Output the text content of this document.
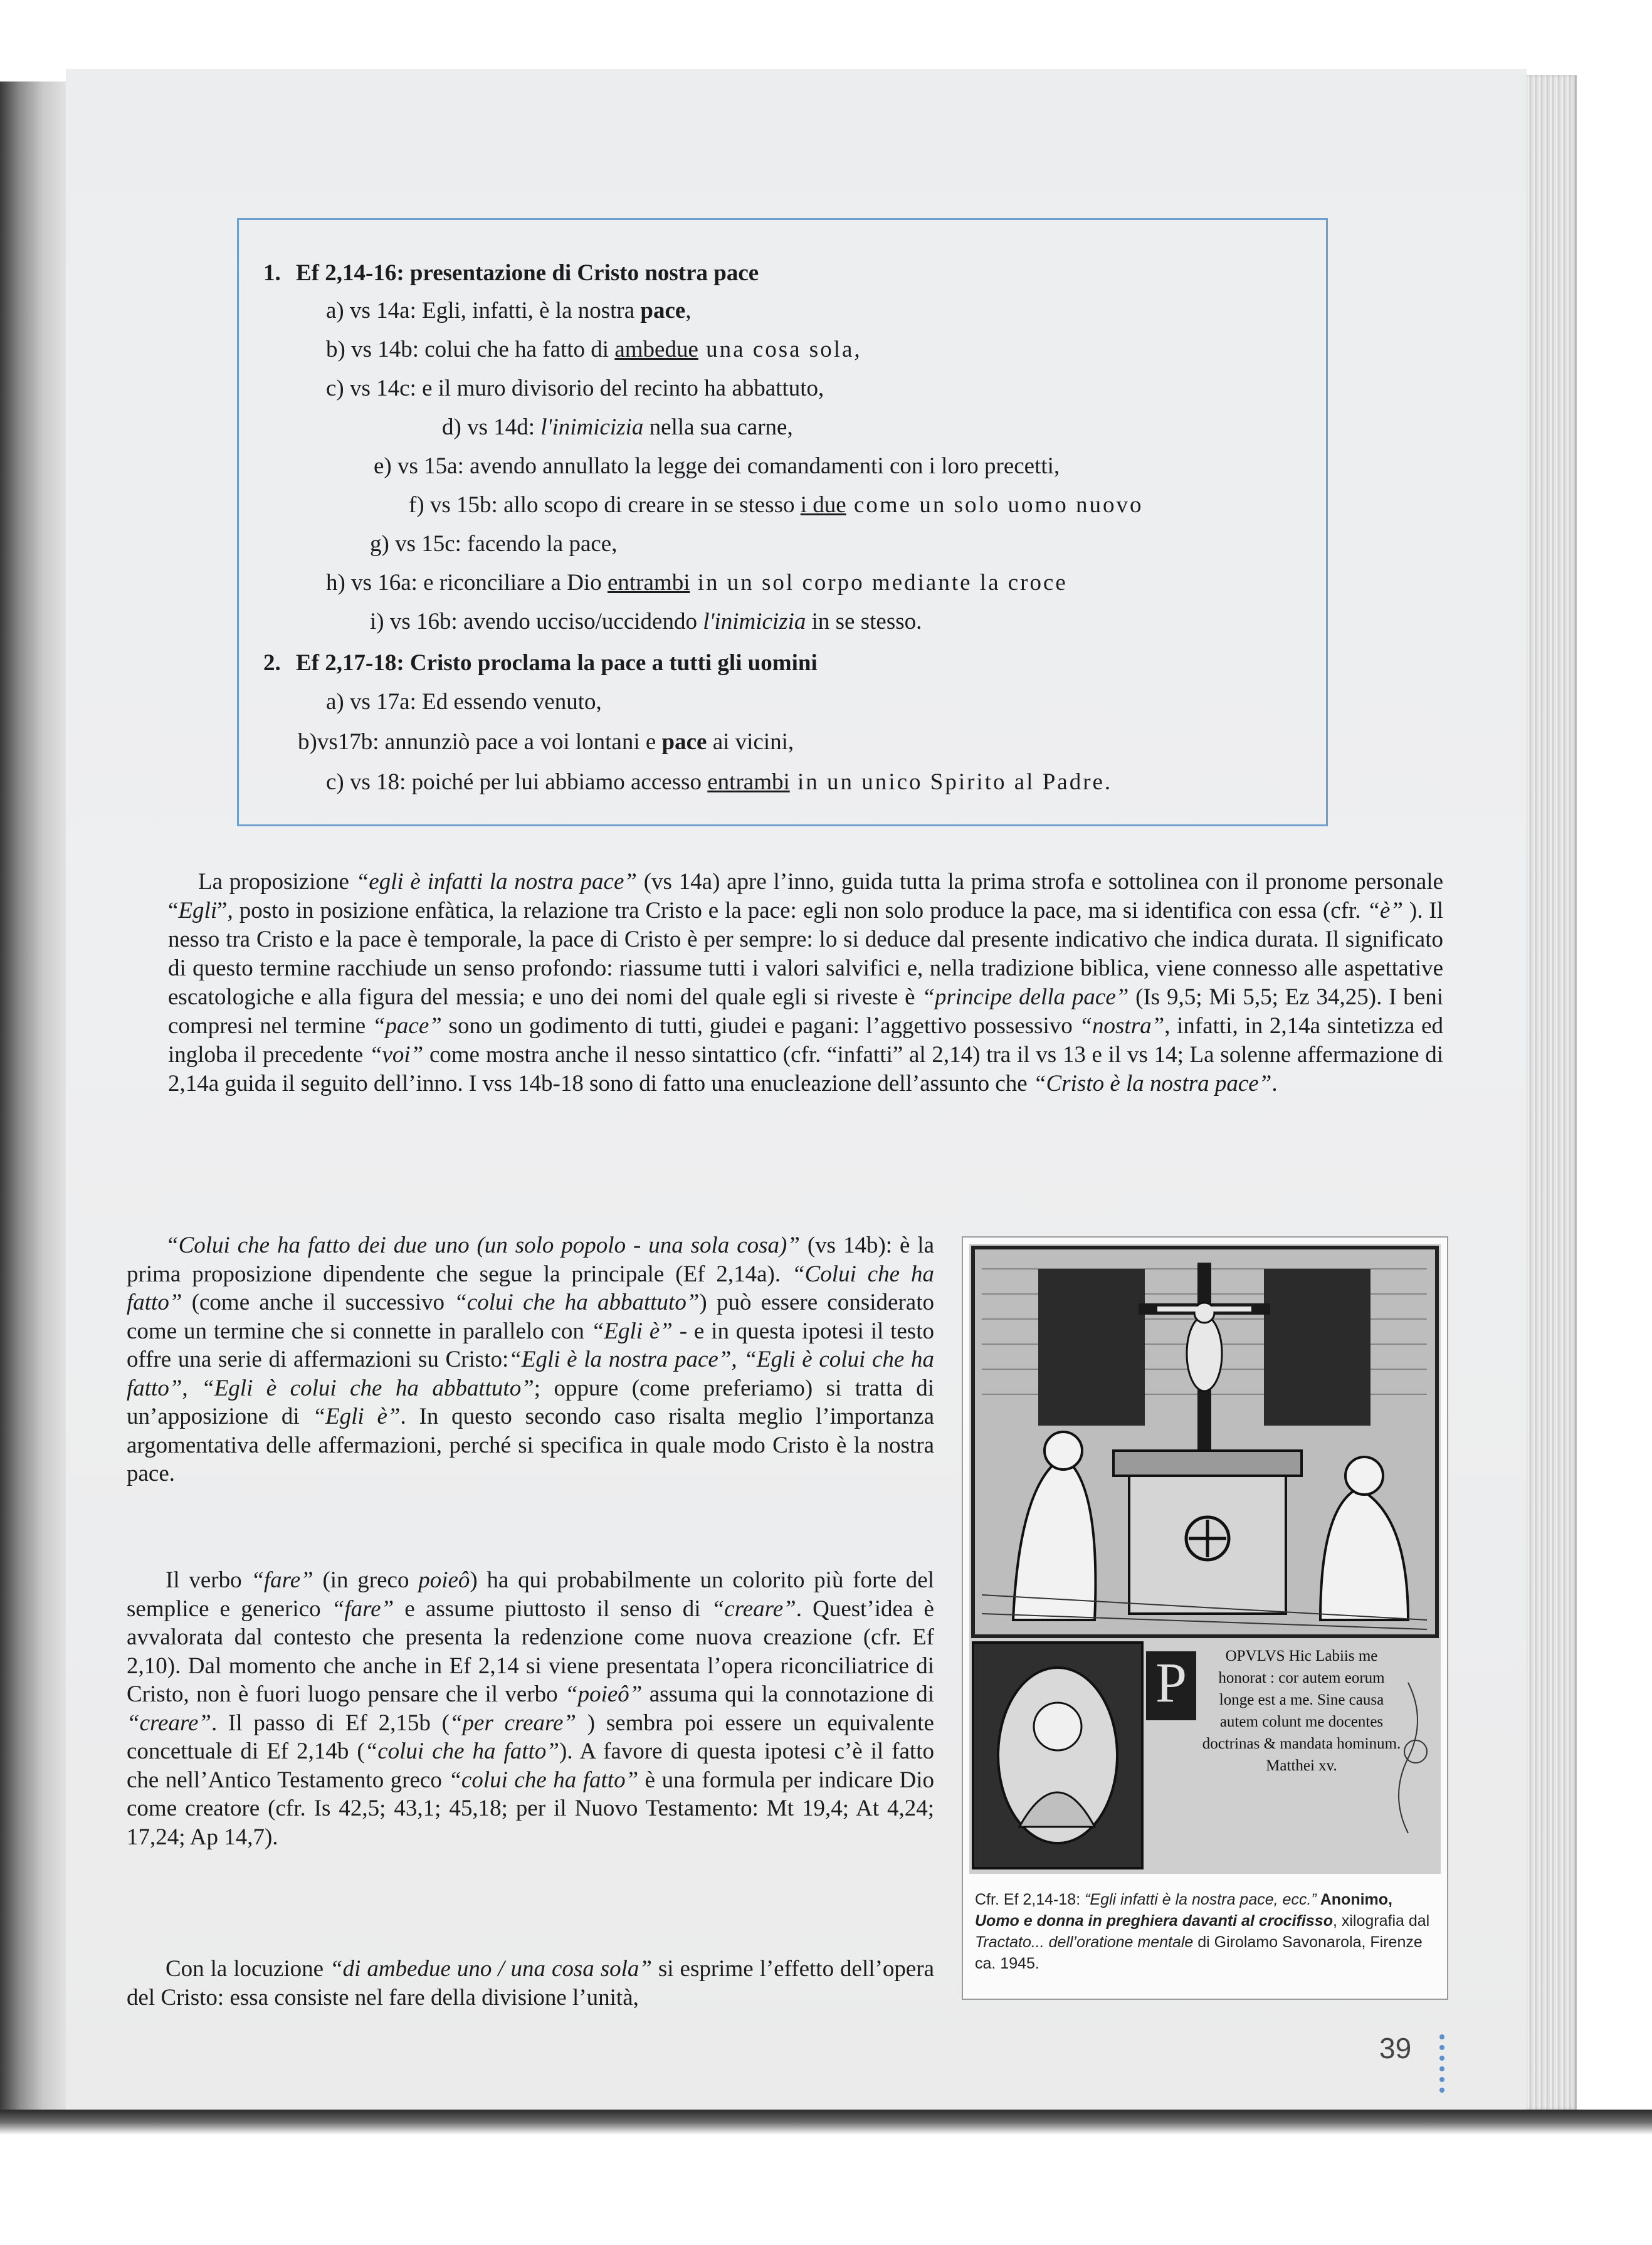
1. Ef 2,14-16: presentazione di Cristo nostra pace
a) vs 14a: Egli, infatti, è la nostra pace,
b) vs 14b: colui che ha fatto di ambedue una cosa sola,
c) vs 14c: e il muro divisorio del recinto ha abbattuto,
d) vs 14d: l'inimicizia nella sua carne,
e) vs 15a: avendo annullato la legge dei comandamenti con i loro precetti,
f) vs 15b: allo scopo di creare in se stesso i due come un solo uomo nuovo
g) vs 15c: facendo la pace,
h) vs 16a: e riconciliare a Dio entrambi in un sol corpo mediante la croce
i) vs 16b: avendo ucciso/uccidendo l'inimicizia in se stesso.
2. Ef 2,17-18: Cristo proclama la pace a tutti gli uomini
a) vs 17a: Ed essendo venuto,
b)vs17b: annunziò pace a voi lontani e pace ai vicini,
c) vs 18: poiché per lui abbiamo accesso entrambi in un unico Spirito al Padre.

La proposizione “egli è infatti la nostra pace” (vs 14a) apre l’inno, guida tutta la prima strofa e sottolinea con il pronome personale “Egli”, posto in posizione enfàtica, la relazione tra Cristo e la pace: egli non solo produce la pace, ma si identifica con essa (cfr. “è” ). Il nesso tra Cristo e la pace è temporale, la pace di Cristo è per sempre: lo si deduce dal presente indicativo che indica durata. Il significato di questo termine racchiude un senso profondo: riassume tutti i valori salvifici e, nella tradizione biblica, viene connesso alle aspettative escatologiche e alla figura del messia; e uno dei nomi del quale egli si riveste è “principe della pace” (Is 9,5; Mi 5,5; Ez 34,25). I beni compresi nel termine “pace” sono un godimento di tutti, giudei e pagani: l’aggettivo possessivo “nostra”, infatti, in 2,14a sintetizza ed ingloba il precedente “voi” come mostra anche il nesso sintattico (cfr. “infatti” al 2,14) tra il vs 13 e il vs 14; La solenne affermazione di 2,14a guida il seguito dell’inno. I vss 14b-18 sono di fatto una enucleazione dell’assunto che “Cristo è la nostra pace”.

“Colui che ha fatto dei due uno (un solo popolo - una sola cosa)” (vs 14b): è la prima proposizione dipendente che segue la principale (Ef 2,14a). “Colui che ha fatto” (come anche il successivo “colui che ha abbattuto”) può essere considerato come un termine che si connette in parallelo con “Egli è” - e in questa ipotesi il testo offre una serie di affermazioni su Cristo:“Egli è la nostra pace”, “Egli è colui che ha fatto”, “Egli è colui che ha abbattuto”; oppure (come preferiamo) si tratta di un’apposizione di “Egli è”. In questo secondo caso risalta meglio l’importanza argomentativa delle affermazioni, perché si specifica in quale modo Cristo è la nostra pace.

Il verbo “fare” (in greco poieô) ha qui probabilmente un colorito più forte del semplice e generico “fare” e assume piuttosto il senso di “creare”. Quest’idea è avvalorata dal contesto che presenta la redenzione come nuova creazione (cfr. Ef 2,10). Dal momento che anche in Ef 2,14 si viene presentata l’opera riconciliatrice di Cristo, non è fuori luogo pensare che il verbo “poieô” assuma qui la connotazione di “creare”. Il passo di Ef 2,15b (“per creare” ) sembra poi essere un equivalente concettuale di Ef 2,14b (“colui che ha fatto”). A favore di questa ipotesi c’è il fatto che nell’Antico Testamento greco “colui che ha fatto” è una formula per indicare Dio come creatore (cfr. Is 42,5; 43,1; 45,18; per il Nuovo Testamento: Mt 19,4; At 4,24; 17,24; Ap 14,7).

Con la locuzione “di ambedue uno / una cosa sola” si esprime l’effetto dell’opera del Cristo: essa consiste nel fare della divisione l’unità,

P	OPVLVS Hic Labiis me honorat : cor autem eorum longe est a me. Sine causa autem colunt me docentes doctrinas & mandata hominum. Matthei xv.

Cfr. Ef 2,14-18: “Egli infatti è la nostra pace, ecc.” Anonimo, Uomo e donna in preghiera davanti al crocifisso, xilografia dal Tractato... dell’oratione mentale di Girolamo Savonarola, Firenze ca. 1945.

39
